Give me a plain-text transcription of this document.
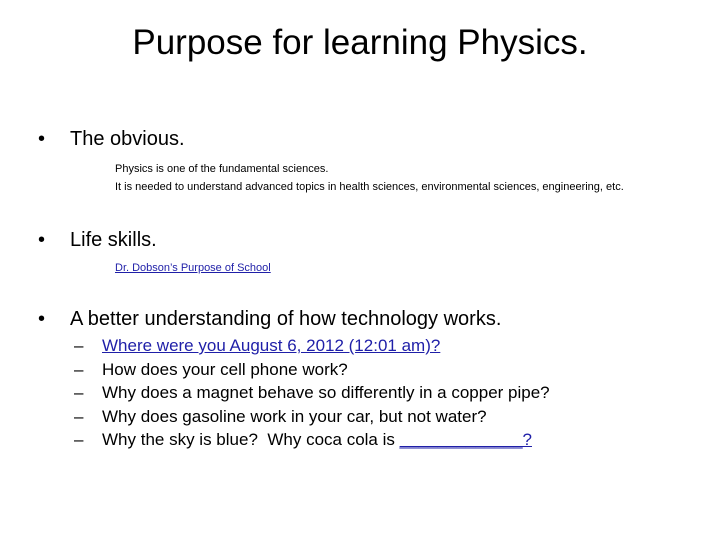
Purpose for learning Physics.
• The obvious.
Physics is one of the fundamental sciences.
It is needed to understand advanced topics in health sciences, environmental sciences, engineering, etc.
• Life skills.
Dr. Dobson’s Purpose of School
• A better understanding of how technology works.
– Where were you August 6, 2012 (12:01 am)?
– How does your cell phone work?
– Why does a magnet behave so differently in a copper pipe?
– Why does gasoline work in your car, but not water?
– Why the sky is blue?  Why coca cola is _____________?
